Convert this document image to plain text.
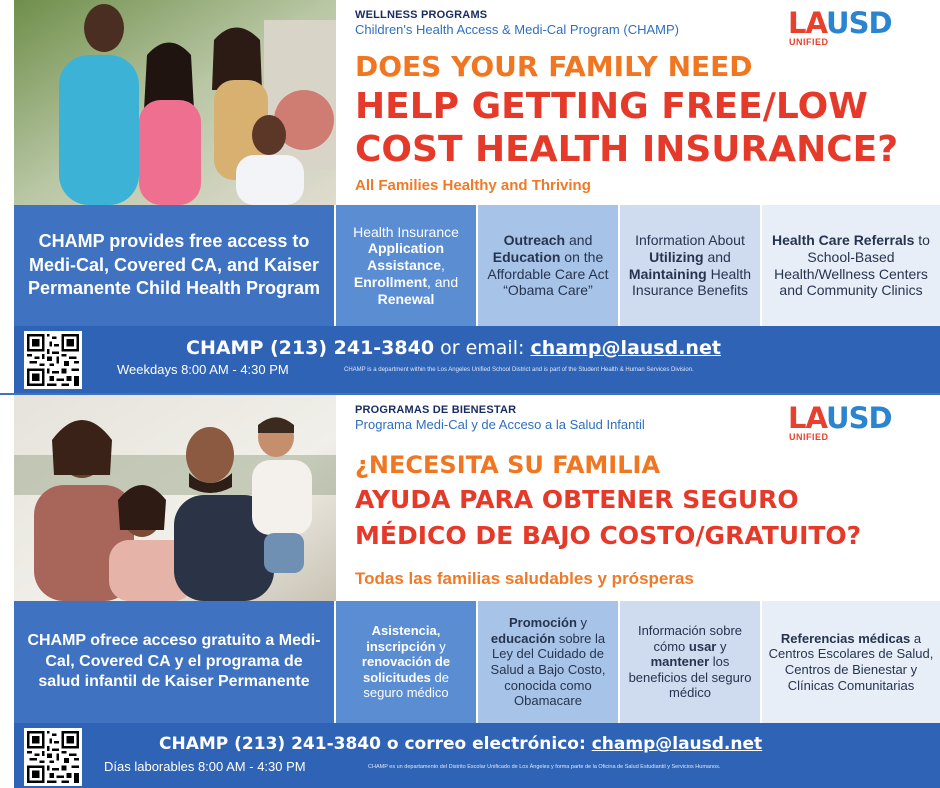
WELLNESS PROGRAMS
Children's Health Access & Medi-Cal Program (CHAMP)	LAUSD
UNIFIED
DOES YOUR FAMILY NEED
HELP GETTING FREE/LOW
COST HEALTH INSURANCE?
All Families Healthy and Thriving
CHAMP provides free access to Medi-Cal, Covered CA, and Kaiser Permanente Child Health Program
Health Insurance Application Assistance, Enrollment, and Renewal
Outreach and Education on the Affordable Care Act “Obama Care”
Information About Utilizing and Maintaining Health Insurance Benefits
Health Care Referrals to School-Based Health/Wellness Centers and Community Clinics
CHAMP (213) 241-3840 or email: champ@lausd.net
Weekdays 8:00 AM - 4:30 PM	CHAMP is a department within the Los Angeles Unified School District and is part of the Student Health & Human Services Division.
PROGRAMAS DE BIENESTAR
Programa Medi-Cal y de Acceso a la Salud Infantil	LAUSD
UNIFIED
¿NECESITA SU FAMILIA
AYUDA PARA OBTENER SEGURO
MÉDICO DE BAJO COSTO/GRATUITO?
Todas las familias saludables y prósperas
CHAMP ofrece acceso gratuito a Medi-Cal, Covered CA y el programa de salud infantil de Kaiser Permanente
Asistencia, inscripción y renovación de solicitudes de seguro médico
Promoción y educación sobre la Ley del Cuidado de Salud a Bajo Costo, conocida como Obamacare
Información sobre cómo usar y mantener los beneficios del seguro médico
Referencias médicas a Centros Escolares de Salud, Centros de Bienestar y Clínicas Comunitarias
CHAMP (213) 241-3840 o correo electrónico: champ@lausd.net
Días laborables 8:00 AM - 4:30 PM	CHAMP es un departamento del Distrito Escolar Unificado de Los Ángeles y forma parte de la Oficina de Salud Estudiantil y Servicios Humanos.
